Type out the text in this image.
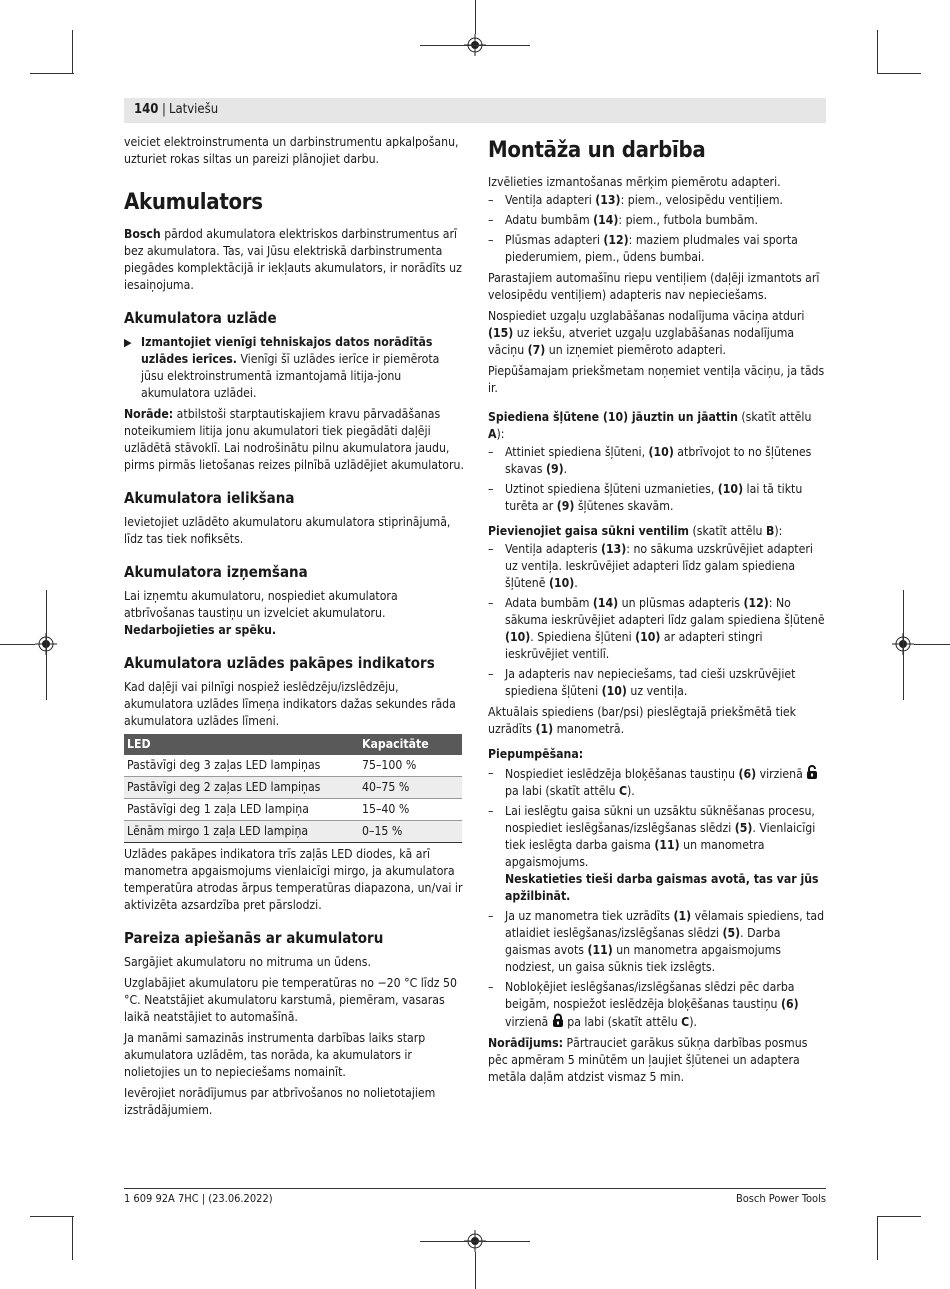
140 | Latviešu

veiciet elektroinstrumenta un darbinstrumentu apkalpošanu, uzturiet rokas siltas un pareizi plānojiet darbu.

Akumulators

Bosch pārdod akumulatora elektriskos darbinstrumentus arī bez akumulatora. Tas, vai Jūsu elektriskā darbinstrumenta piegādes komplektācijā ir iekļauts akumulators, ir norādīts uz iesaiņojuma.

Akumulatora uzlāde
▶ Izmantojiet vienīgi tehniskajos datos norādītās uzlādes ierīces. Vienīgi šī uzlādes ierīce ir piemērota jūsu elektroinstrumentā izmantojamā litija-jonu akumulatora uzlādei.

Norāde: atbilstoši starptautiskajiem kravu pārvadāšanas noteikumiem litija jonu akumulatori tiek piegādāti daļēji uzlādētā stāvoklī. Lai nodrošinātu pilnu akumulatora jaudu, pirms pirmās lietošanas reizes pilnībā uzlādējiet akumulatoru.

Akumulatora ielikšana

Ievietojiet uzlādēto akumulatoru akumulatora stiprinājumā, līdz tas tiek nofiksēts.

Akumulatora izņemšana

Lai izņemtu akumulatoru, nospiediet akumulatora atbrīvošanas taustiņu un izvelciet akumulatoru.
Nedarbojieties ar spēku.

Akumulatora uzlādes pakāpes indikators

Kad daļēji vai pilnīgi nospiež ieslēdzēju/izslēdzēju, akumulatora uzlādes līmeņa indikators dažas sekundes rāda akumulatora uzlādes līmeni.

LED	Kapacitāte
Pastāvīgi deg 3 zaļas LED lampiņas	75–100 %
Pastāvīgi deg 2 zaļas LED lampiņas	40–75 %
Pastāvīgi deg 1 zaļa LED lampiņa	15–40 %
Lēnām mirgo 1 zaļa LED lampiņa	0–15 %

Uzlādes pakāpes indikatora trīs zaļās LED diodes, kā arī manometra apgaismojums vienlaicīgi mirgo, ja akumulatora temperatūra atrodas ārpus temperatūras diapazona, un/vai ir aktivizēta azsardzība pret pārslodzi.

Pareiza apiešanās ar akumulatoru

Sargājiet akumulatoru no mitruma un ūdens.

Uzglabājiet akumulatoru pie temperatūras no −20 °C līdz 50 °C. Neatstājiet akumulatoru karstumā, piemēram, vasaras laikā neatstājiet to automašīnā.

Ja manāmi samazinās instrumenta darbības laiks starp akumulatora uzlādēm, tas norāda, ka akumulators ir nolietojies un to nepieciešams nomainīt.

Ievērojiet norādījumus par atbrīvošanos no nolietotajiem izstrādājumiem.

Montāža un darbība

Izvēlieties izmantošanas mērķim piemērotu adapteri.

– Ventiļa adapteri (13): piem., velosipēdu ventiļiem.
– Adatu bumbām (14): piem., futbola bumbām.
– Plūsmas adapteri (12): maziem pludmales vai sporta piederumiem, piem., ūdens bumbai.

Parastajiem automašīnu riepu ventiļiem (daļēji izmantots arī velosipēdu ventiļiem) adapteris nav nepieciešams.

Nospiediet uzgaļu uzglabāšanas nodalījuma vāciņa atduri (15) uz iekšu, atveriet uzgaļu uzglabāšanas nodalījuma vāciņu (7) un izņemiet piemēroto adapteri.

Piepūšamajam priekšmetam noņemiet ventiļa vāciņu, ja tāds ir.

Spiediena šļūtene (10) jāuztin un jāattin (skatīt attēlu A):

– Attiniet spiediena šļūteni, (10) atbrīvojot to no šļūtenes skavas (9).
– Uztinot spiediena šļūteni uzmanieties, (10) lai tā tiktu turēta ar (9) šļūtenes skavām.

Pievienojiet gaisa sūkni ventilim (skatīt attēlu B):

– Ventiļa adapteris (13): no sākuma uzskrūvējiet adapteri uz ventiļa. Ieskrūvējiet adapteri līdz galam spiediena šļūtenē (10).
– Adata bumbām (14) un plūsmas adapteris (12): No sākuma ieskrūvējiet adapteri līdz galam spiediena šļūtenē (10). Spiediena šļūteni (10) ar adapteri stingri ieskrūvējiet ventilī.
– Ja adapteris nav nepieciešams, tad cieši uzskrūvējiet spiediena šļūteni (10) uz ventiļa.

Aktuālais spiediens (bar/psi) pieslēgtajā priekšmētā tiek uzrādīts (1) manometrā.

Piepumpēšana:

– Nospiediet ieslēdzēja bloķēšanas taustiņu (6) virzienā  pa labi (skatīt attēlu C).
– Lai ieslēgtu gaisa sūkni un uzsāktu sūknēšanas procesu, nospiediet ieslēgšanas/izslēgšanas slēdzi (5). Vienlaicīgi tiek ieslēgta darba gaisma (11) un manometra apgaismojums.
Neskatieties tieši darba gaismas avotā, tas var jūs apžilbināt.
– Ja uz manometra tiek uzrādīts (1) vēlamais spiediens, tad atlaidiet ieslēgšanas/izslēgšanas slēdzi (5). Darba gaismas avots (11) un manometra apgaismojums nodziest, un gaisa sūknis tiek izslēgts.
– Nobloķējiet ieslēgšanas/izslēgšanas slēdzi pēc darba beigām, nospiežot ieslēdzēja bloķēšanas taustiņu (6) virzienā  pa labi (skatīt attēlu C).

Norādījums: Pārtrauciet garākus sūkņa darbības posmus pēc apmēram 5 minūtēm un ļaujiet šļūtenei un adaptera metāla daļām atdzist vismaz 5 min.

1 609 92A 7HC | (23.06.2022)	Bosch Power Tools
